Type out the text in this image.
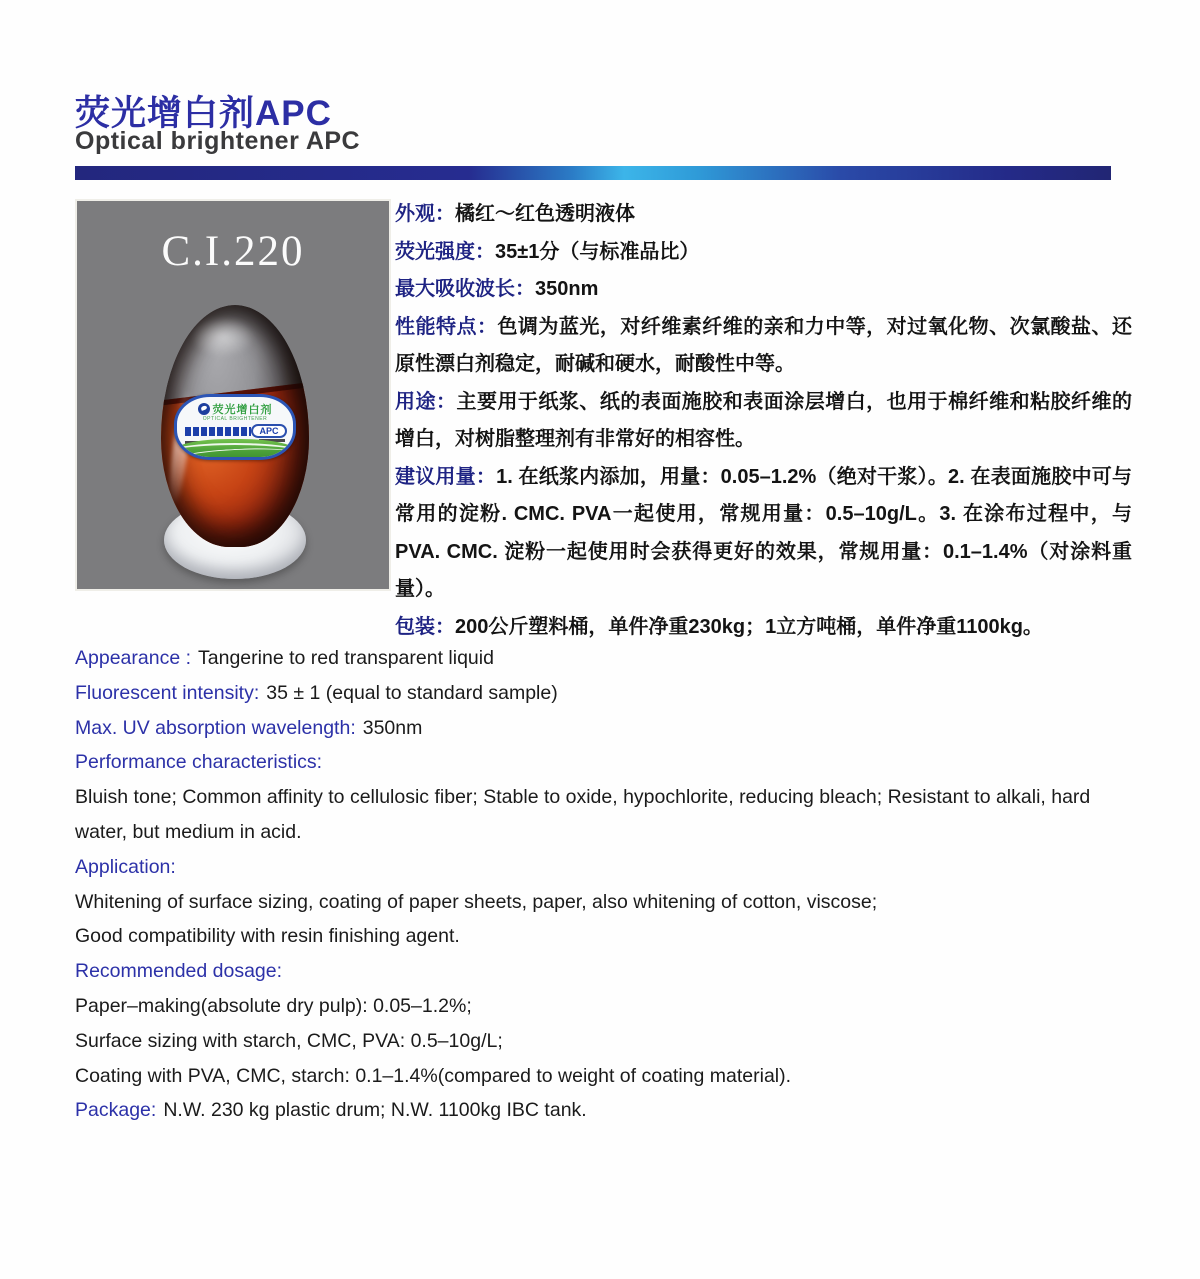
荧光增白剂APC
Optical brightener APC
C.I.220
荧光增白剂
OPTICAL BRIGHTENER
APC

外观：橘红～红色透明液体

荧光强度：35±1分（与标准品比）

最大吸收波长：350nm

性能特点：色调为蓝光，对纤维素纤维的亲和力中等，对过氧化物、次氯酸盐、还原性漂白剂稳定，耐碱和硬水，耐酸性中等。

用途：主要用于纸浆、纸的表面施胶和表面涂层增白，也用于棉纤维和粘胶纤维的增白，对树脂整理剂有非常好的相容性。

建议用量：1. 在纸浆内添加，用量：0.05–1.2%（绝对干浆）。2. 在表面施胶中可与常用的淀粉. CMC. PVA一起使用，常规用量：0.5–10g/L。3. 在涂布过程中，与PVA. CMC. 淀粉一起使用时会获得更好的效果，常规用量：0.1–1.4%（对涂料重量）。

包装：200公斤塑料桶，单件净重230kg；1立方吨桶，单件净重1100kg。

Appearance : Tangerine to red transparent liquid
Fluorescent intensity: 35 ± 1 (equal to standard sample)
Max. UV absorption wavelength: 350nm
Performance characteristics:
Bluish tone; Common affinity to cellulosic fiber; Stable to oxide, hypochlorite, reducing bleach; Resistant to alkali, hard water, but medium in acid.
Application:
Whitening of surface sizing, coating of paper sheets, paper, also whitening of cotton, viscose;
Good compatibility with resin finishing agent.
Recommended dosage:
Paper–making(absolute dry pulp): 0.05–1.2%;
Surface sizing with starch, CMC, PVA: 0.5–10g/L;
Coating with PVA, CMC, starch: 0.1–1.4%(compared to weight of coating material).
Package: N.W. 230 kg plastic drum; N.W. 1100kg IBC tank.
